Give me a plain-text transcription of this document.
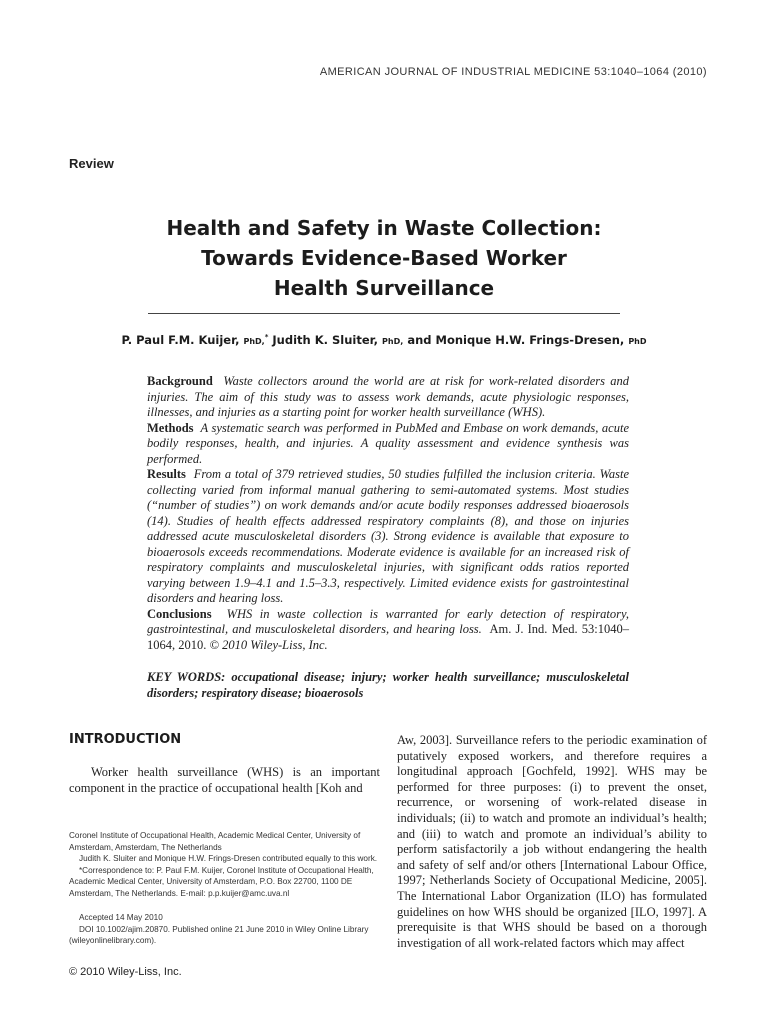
AMERICAN JOURNAL OF INDUSTRIAL MEDICINE 53:1040–1064 (2010)
Review
Health and Safety in Waste Collection:
Towards Evidence-Based Worker
Health Surveillance
P. Paul F.M. Kuijer, PhD,* Judith K. Sluiter, PhD, and Monique H.W. Frings-Dresen, PhD

Background Waste collectors around the world are at risk for work-related disorders and injuries. The aim of this study was to assess work demands, acute physiologic responses, illnesses, and injuries as a starting point for worker health surveillance (WHS).

Methods A systematic search was performed in PubMed and Embase on work demands, acute bodily responses, health, and injuries. A quality assessment and evidence synthesis was performed.

Results From a total of 379 retrieved studies, 50 studies fulfilled the inclusion criteria. Waste collecting varied from informal manual gathering to semi-automated systems. Most studies (“number of studies”) on work demands and/or acute bodily responses addressed bioaerosols (14). Studies of health effects addressed respiratory complaints (8), and those on injuries addressed acute musculoskeletal disorders (3). Strong evidence is available that exposure to bioaerosols exceeds recommendations. Moderate evidence is available for an increased risk of respiratory complaints and musculoskeletal injuries, with significant odds ratios reported varying between 1.9–4.1 and 1.5–3.3, respectively. Limited evidence exists for gastrointestinal disorders and hearing loss.

Conclusions WHS in waste collection is warranted for early detection of respiratory, gastrointestinal, and musculoskeletal disorders, and hearing loss. Am. J. Ind. Med. 53:1040–1064, 2010. © 2010 Wiley-Liss, Inc.

KEY WORDS: occupational disease; injury; worker health surveillance; musculoskeletal disorders; respiratory disease; bioaerosols
INTRODUCTION

Worker health surveillance (WHS) is an important component in the practice of occupational health [Koh and

Aw, 2003]. Surveillance refers to the periodic examination of putatively exposed workers, and therefore requires a longitudinal approach [Gochfeld, 1992]. WHS may be performed for three purposes: (i) to prevent the onset, recurrence, or worsening of work-related disease in individuals; (ii) to watch and promote an individual’s health; and (iii) to watch and promote an individual’s ability to perform satisfactorily a job without endangering the health and safety of self and/or others [International Labour Office, 1997; Netherlands Society of Occupational Medicine, 2005]. The International Labor Organization (ILO) has formulated guidelines on how WHS should be organized [ILO, 1997]. A prerequisite is that WHS should be based on a thorough investigation of all work-related factors which may affect

Coronel Institute of Occupational Health, Academic Medical Center, University of Amsterdam, Amsterdam, The Netherlands

Judith K. Sluiter and Monique H.W. Frings-Dresen contributed equally to this work.

*Correspondence to: P. Paul F.M. Kuijer, Coronel Institute of Occupational Health, Academic Medical Center, University of Amsterdam, P.O. Box 22700, 1100 DE Amsterdam, The Netherlands. E-mail: p.p.kuijer@amc.uva.nl

Accepted 14 May 2010

DOI 10.1002/ajim.20870. Published online 21 June 2010 in Wiley Online Library (wileyonlinelibrary.com).

© 2010 Wiley-Liss, Inc.
